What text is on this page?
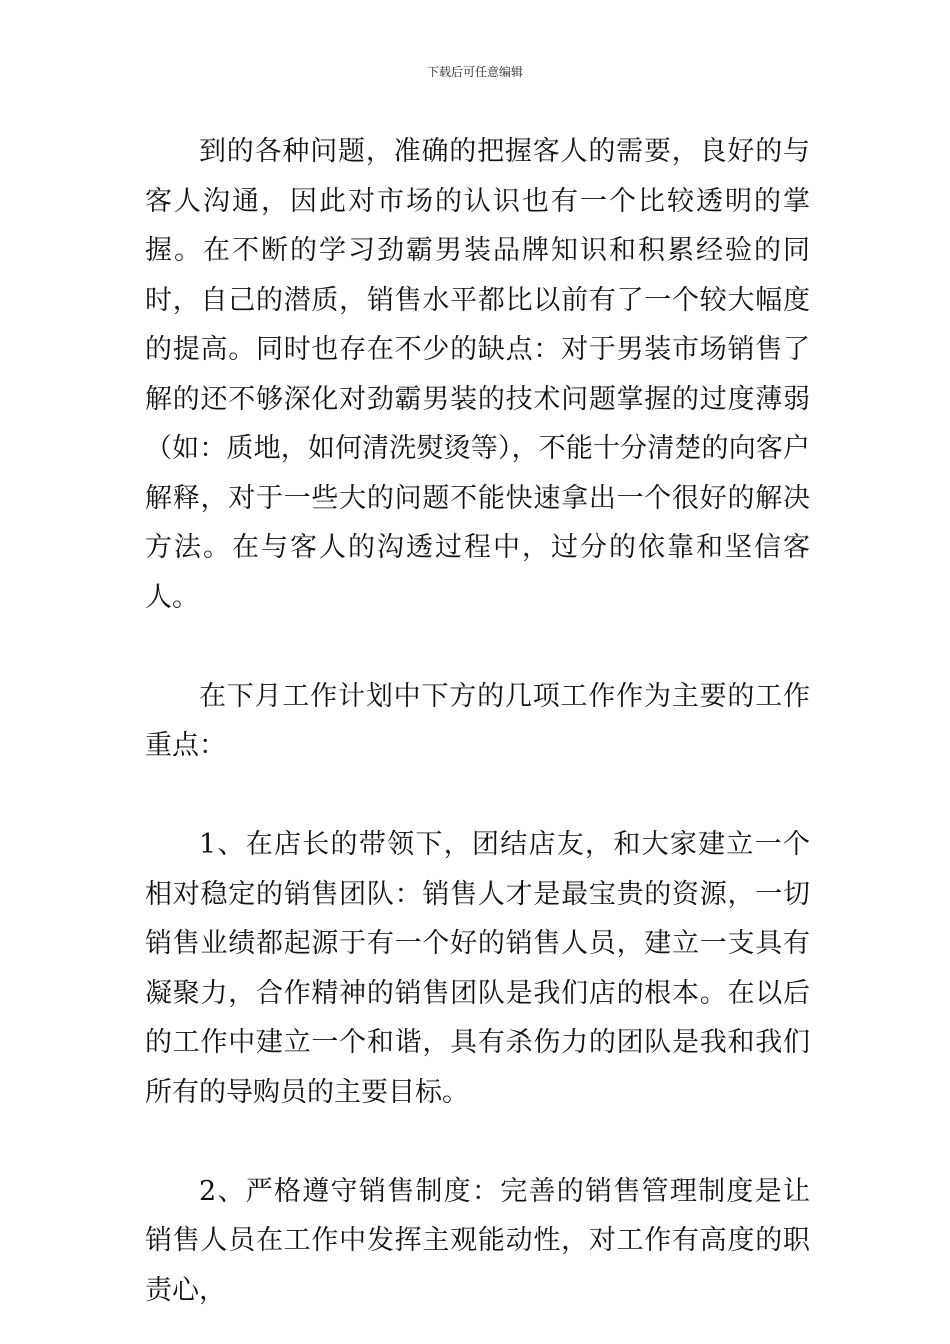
下载后可任意编辑

到的各种问题，准确的把握客人的需要，良好的与客人沟通，因此对市场的认识也有一个比较透明的掌握。在不断的学习劲霸男装品牌知识和积累经验的同时，自己的潜质，销售水平都比以前有了一个较大幅度的提高。同时也存在不少的缺点：对于男装市场销售了解的还不够深化对劲霸男装的技术问题掌握的过度薄弱（如：质地，如何清洗熨烫等），不能十分清楚的向客户解释，对于一些大的问题不能快速拿出一个很好的解决方法。在与客人的沟透过程中，过分的依靠和坚信客人。

在下月工作计划中下方的几项工作作为主要的工作重点：

1、在店长的带领下，团结店友，和大家建立一个相对稳定的销售团队：销售人才是最宝贵的资源，一切销售业绩都起源于有一个好的销售人员，建立一支具有凝聚力，合作精神的销售团队是我们店的根本。在以后的工作中建立一个和谐，具有杀伤力的团队是我和我们所有的导购员的主要目标。

2、严格遵守销售制度：完善的销售管理制度是让销售人员在工作中发挥主观能动性，对工作有高度的职责心，
